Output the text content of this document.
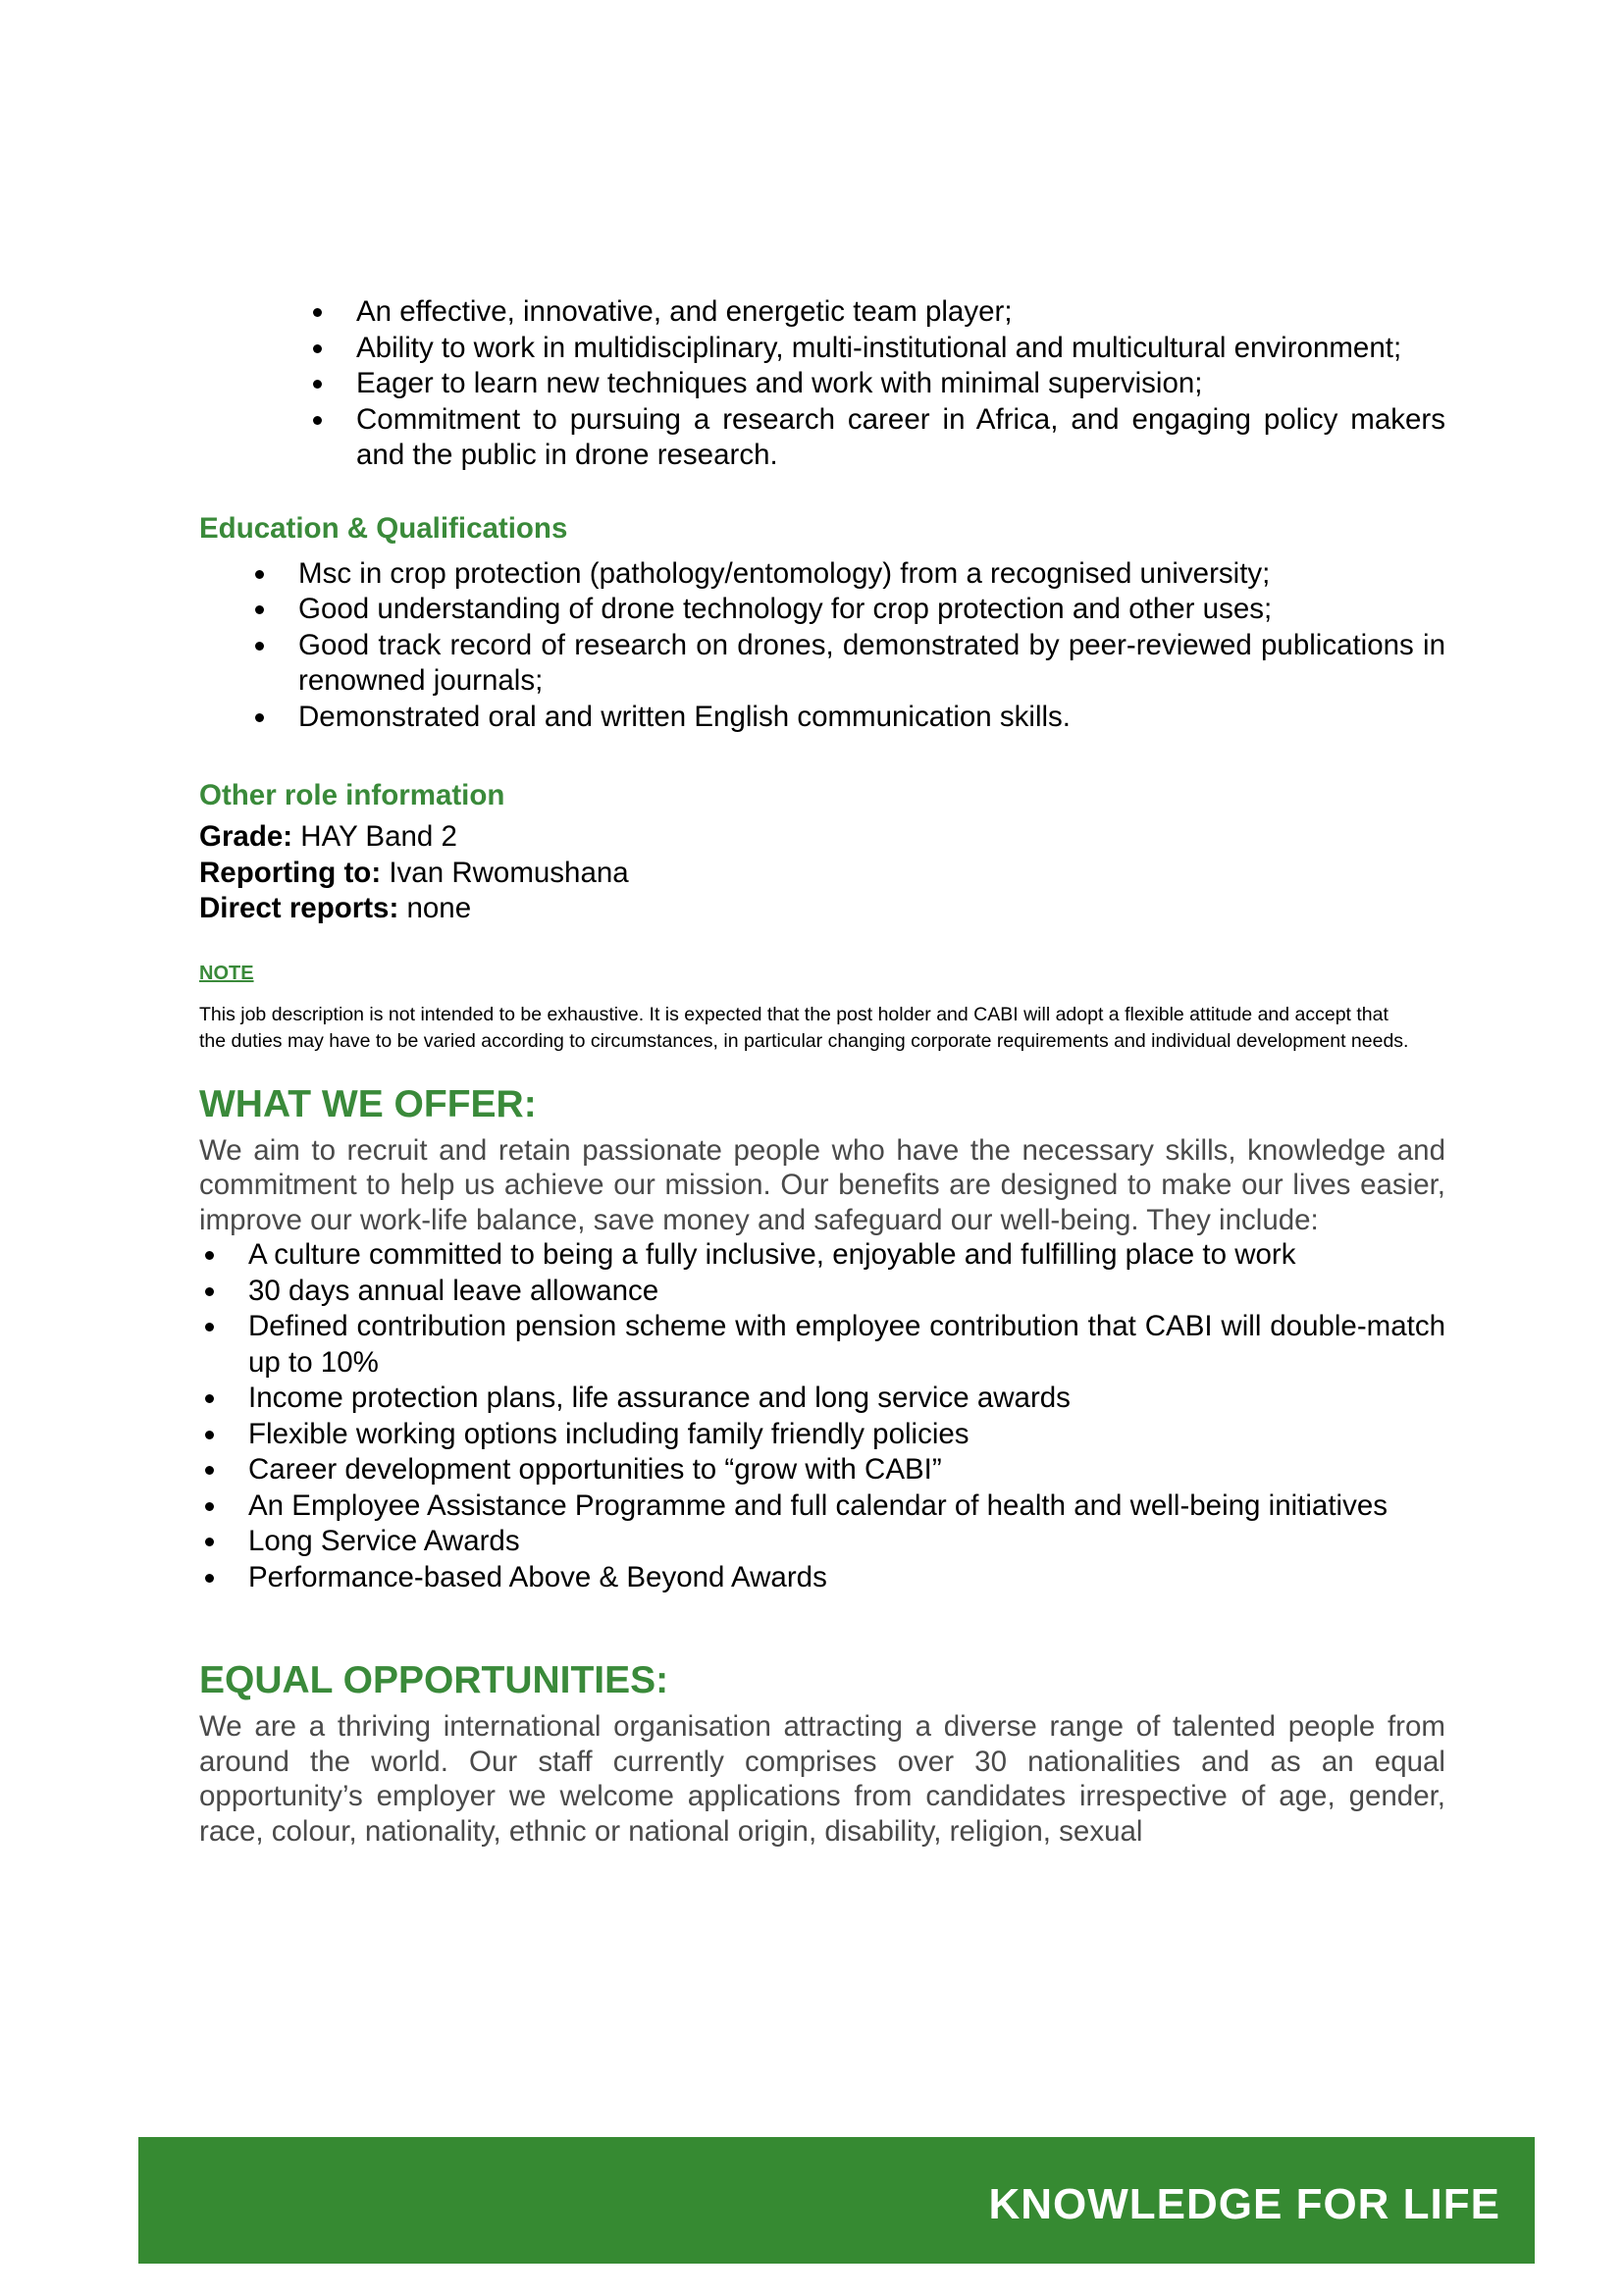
An effective, innovative, and energetic team player;
Ability to work in multidisciplinary, multi-institutional and multicultural environment;
Eager to learn new techniques and work with minimal supervision;
Commitment to pursuing a research career in Africa, and engaging policy makers and the public in drone research.
Education & Qualifications
Msc in crop protection (pathology/entomology) from a recognised university;
Good understanding of drone technology for crop protection and other uses;
Good track record of research on drones, demonstrated by peer-reviewed publications in renowned journals;
Demonstrated oral and written English communication skills.
Other role information
Grade: HAY Band 2
Reporting to: Ivan Rwomushana
Direct reports: none
NOTE
This job description is not intended to be exhaustive. It is expected that the post holder and CABI will adopt a flexible attitude and accept that the duties may have to be varied according to circumstances, in particular changing corporate requirements and individual development needs.
WHAT WE OFFER:
We aim to recruit and retain passionate people who have the necessary skills, knowledge and commitment to help us achieve our mission. Our benefits are designed to make our lives easier, improve our work-life balance, save money and safeguard our well-being. They include:
A culture committed to being a fully inclusive, enjoyable and fulfilling place to work
30 days annual leave allowance
Defined contribution pension scheme with employee contribution that CABI will double-match up to 10%
Income protection plans, life assurance and long service awards
Flexible working options including family friendly policies
Career development opportunities to “grow with CABI”
An Employee Assistance Programme and full calendar of health and well-being initiatives
Long Service Awards
Performance-based Above & Beyond Awards
EQUAL OPPORTUNITIES:
We are a thriving international organisation attracting a diverse range of talented people from around the world. Our staff currently comprises over 30 nationalities and as an equal opportunity’s employer we welcome applications from candidates irrespective of age, gender, race, colour, nationality, ethnic or national origin, disability, religion, sexual
KNOWLEDGE FOR LIFE
